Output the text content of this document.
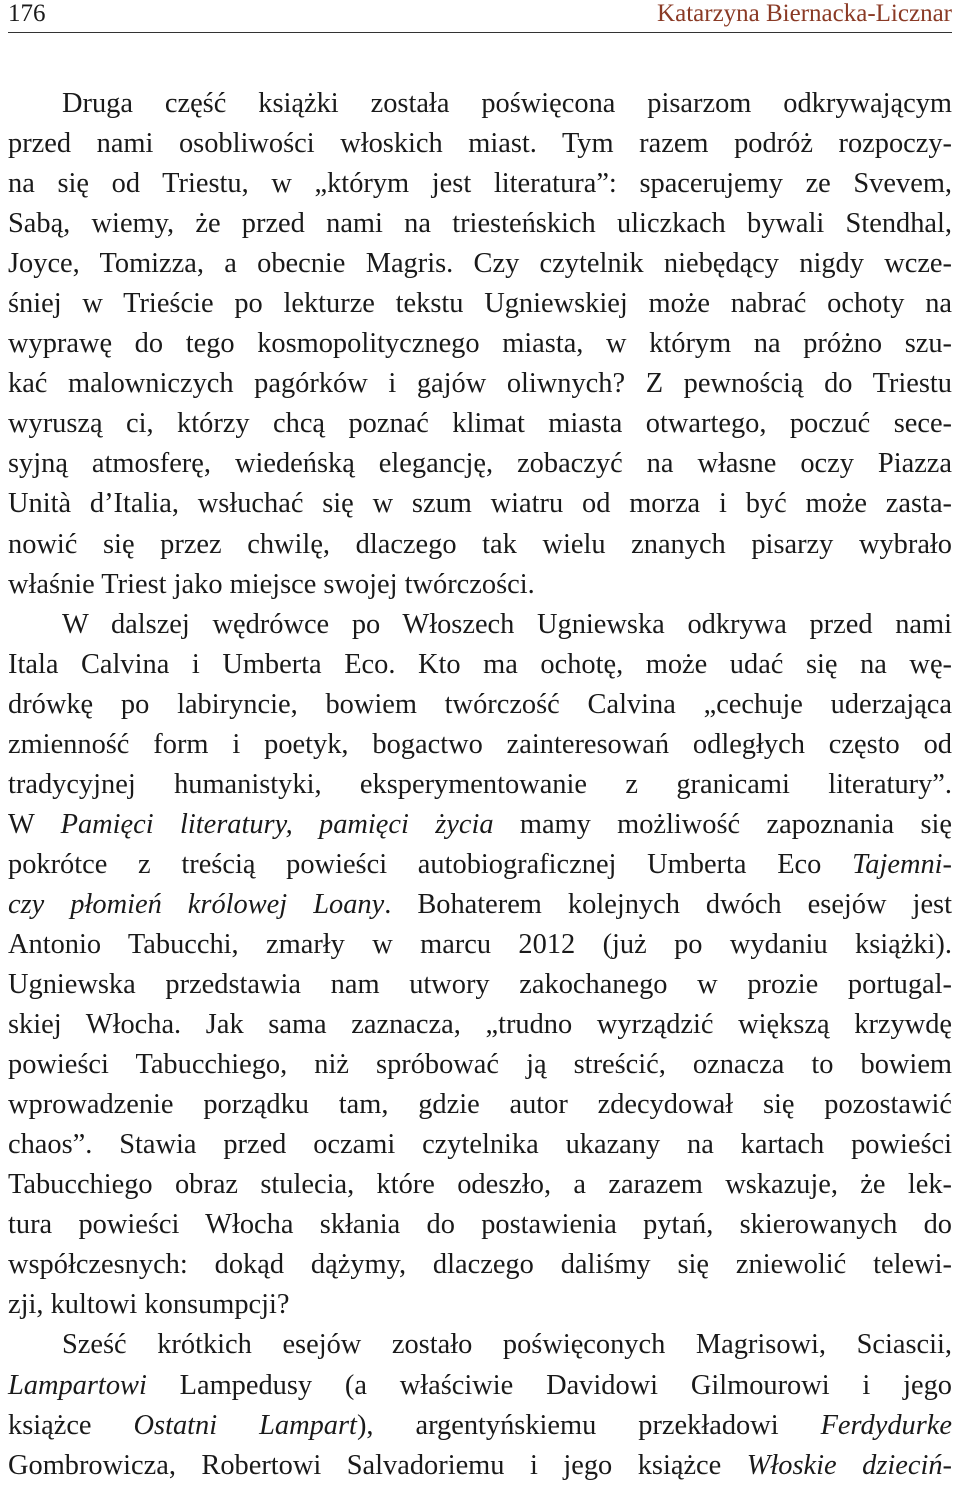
176	Katarzyna Biernacka-Licznar
Druga część książki została poświęcona pisarzom odkrywającym
przed nami osobliwości włoskich miast. Tym razem podróż rozpoczy-
na się od Triestu, w „którym jest literatura”: spacerujemy ze Svevem,
Sabą, wiemy, że przed nami na triesteńskich uliczkach bywali Stendhal,
Joyce, Tomizza, a obecnie Magris. Czy czytelnik niebędący nigdy wcze-
śniej w Trieście po lekturze tekstu Ugniewskiej może nabrać ochoty na
wyprawę do tego kosmopolitycznego miasta, w którym na próżno szu-
kać malowniczych pagórków i gajów oliwnych? Z pewnością do Triestu
wyruszą ci, którzy chcą poznać klimat miasta otwartego, poczuć sece-
syjną atmosferę, wiedeńską elegancję, zobaczyć na własne oczy Piazza
Unità d’Italia, wsłuchać się w szum wiatru od morza i być może zasta-
nowić się przez chwilę, dlaczego tak wielu znanych pisarzy wybrało
właśnie Triest jako miejsce swojej twórczości.
W dalszej wędrówce po Włoszech Ugniewska odkrywa przed nami
Itala Calvina i Umberta Eco. Kto ma ochotę, może udać się na wę-
drówkę po labiryncie, bowiem twórczość Calvina „cechuje uderzająca
zmienność form i poetyk, bogactwo zainteresowań odległych często od
tradycyjnej humanistyki, eksperymentowanie z granicami literatury”.
W Pamięci literatury, pamięci życia mamy możliwość zapoznania się
pokrótce z treścią powieści autobiograficznej Umberta Eco Tajemni-
czy płomień królowej Loany. Bohaterem kolejnych dwóch esejów jest
Antonio Tabucchi, zmarły w marcu 2012 (już po wydaniu książki).
Ugniewska przedstawia nam utwory zakochanego w prozie portugal-
skiej Włocha. Jak sama zaznacza, „trudno wyrządzić większą krzywdę
powieści Tabucchiego, niż spróbować ją streścić, oznacza to bowiem
wprowadzenie porządku tam, gdzie autor zdecydował się pozostawić
chaos”. Stawia przed oczami czytelnika ukazany na kartach powieści
Tabucchiego obraz stulecia, które odeszło, a zarazem wskazuje, że lek-
tura powieści Włocha skłania do postawienia pytań, skierowanych do
współczesnych: dokąd dążymy, dlaczego daliśmy się zniewolić telewi-
zji, kultowi konsumpcji?
Sześć krótkich esejów zostało poświęconych Magrisowi, Sciascii,
Lampartowi Lampedusy (a właściwie Davidowi Gilmourowi i jego
książce Ostatni Lampart), argentyńskiemu przekładowi Ferdydurke
Gombrowicza, Robertowi Salvadoriemu i jego książce Włoskie dzieciń-
